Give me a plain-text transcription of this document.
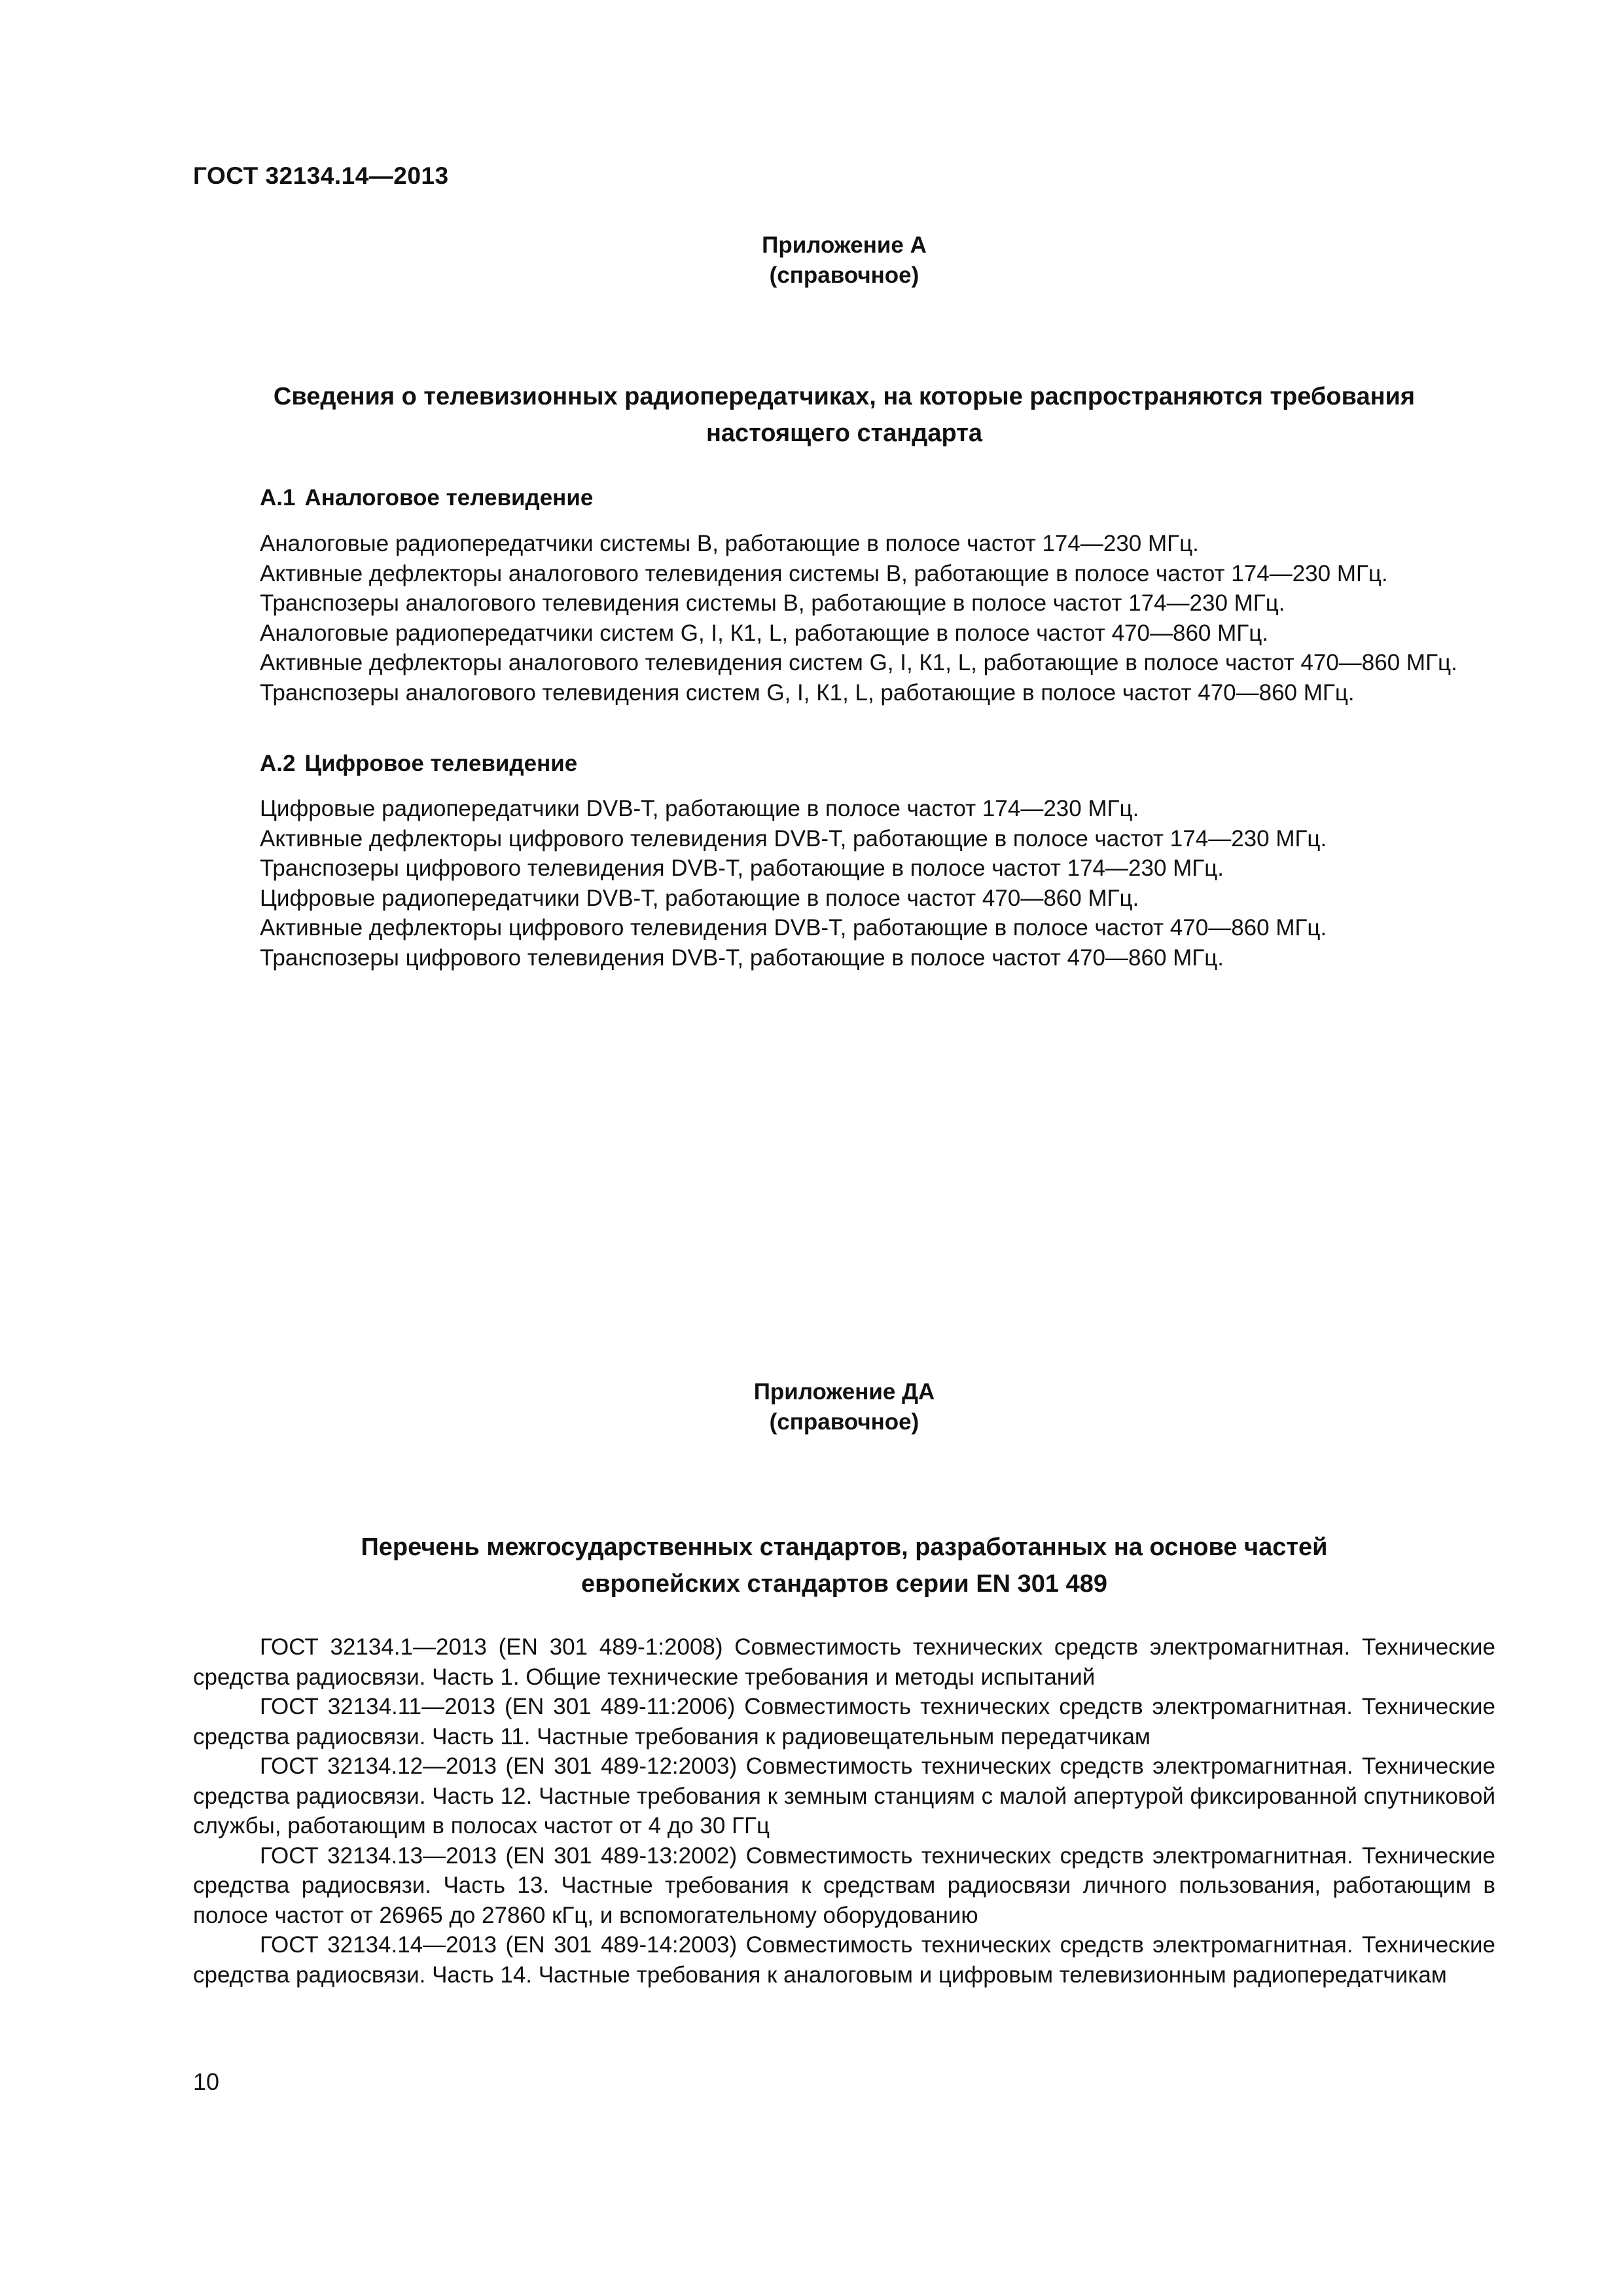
ГОСТ 32134.14—2013

Приложение А

(справочное)

Сведения о телевизионных радиопередатчиках, на которые распространяются требования

настоящего стандарта

А.1 Аналоговое телевидение
Аналоговые радиопередатчики системы В, работающие в полосе частот 174—230 МГц.
Активные дефлекторы аналогового телевидения системы В, работающие в полосе частот 174—230 МГц.
Транспозеры аналогового телевидения системы В, работающие в полосе частот 174—230 МГц.
Аналоговые радиопередатчики систем G, I, К1, L, работающие в полосе частот 470—860 МГц.
Активные дефлекторы аналогового телевидения систем G, I, К1, L, работающие в полосе частот 470—860 МГц.
Транспозеры аналогового телевидения систем G, I, К1, L, работающие в полосе частот 470—860 МГц.
А.2 Цифровое телевидение
Цифровые радиопередатчики DVB-T, работающие в полосе частот 174—230 МГц.
Активные дефлекторы цифрового телевидения DVB-T, работающие в полосе частот 174—230 МГц.
Транспозеры цифрового телевидения DVB-T, работающие в полосе частот 174—230 МГц.
Цифровые радиопередатчики DVB-T, работающие в полосе частот 470—860 МГц.
Активные дефлекторы цифрового телевидения DVB-T, работающие в полосе частот 470—860 МГц.
Транспозеры цифрового телевидения DVB-T, работающие в полосе частот 470—860 МГц.

Приложение ДА

(справочное)

Перечень межгосударственных стандартов, разработанных на основе частей

европейских стандартов серии EN 301 489

ГОСТ 32134.1—2013 (EN 301 489-1:2008) Совместимость технических средств электромагнитная. Технические средства радиосвязи. Часть 1. Общие технические требования и методы испытаний
ГОСТ 32134.11—2013 (EN 301 489-11:2006) Совместимость технических средств электромагнитная. Технические средства радиосвязи. Часть 11. Частные требования к радиовещательным передатчикам
ГОСТ 32134.12—2013 (EN 301 489-12:2003) Совместимость технических средств электромагнитная. Технические средства радиосвязи. Часть 12. Частные требования к земным станциям с малой апертурой фиксированной спутниковой службы, работающим в полосах частот от 4 до 30 ГГц
ГОСТ 32134.13—2013 (EN 301 489-13:2002) Совместимость технических средств электромагнитная. Технические средства радиосвязи. Часть 13. Частные требования к средствам радиосвязи личного пользования, работающим в полосе частот от 26965 до 27860 кГц, и вспомогательному оборудованию
ГОСТ 32134.14—2013 (EN 301 489-14:2003) Совместимость технических средств электромагнитная. Технические средства радиосвязи. Часть 14. Частные требования к аналоговым и цифровым телевизионным радиопередатчикам
10
